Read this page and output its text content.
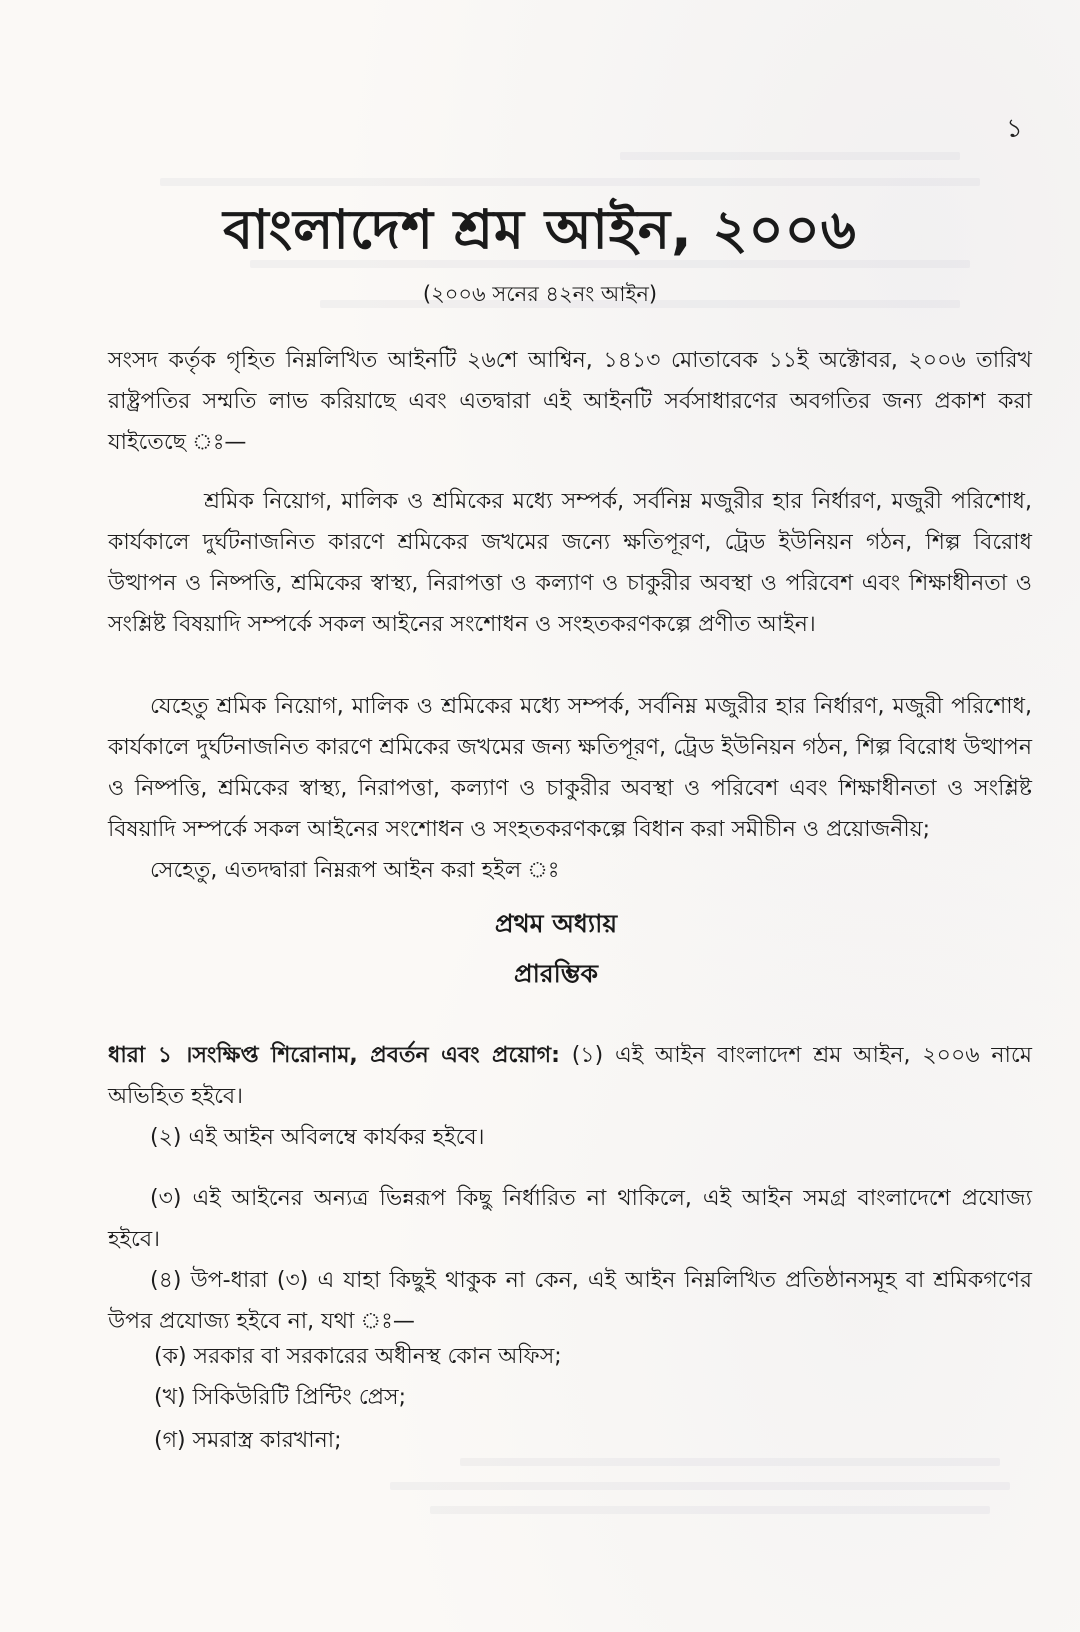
১
বাংলাদেশ শ্রম আইন, ২০০৬
(২০০৬ সনের ৪২নং আইন)

সংসদ কর্তৃক গৃহিত নিম্নলিখিত আইনটি ২৬শে আশ্বিন, ১৪১৩ মোতাবেক ১১ই অক্টোবর, ২০০৬ তারিখ রাষ্ট্রপতির সম্মতি লাভ করিয়াছে এবং এতদ্বারা এই আইনটি সর্বসাধারণের অবগতির জন্য প্রকাশ করা যাইতেছে ঃ—

শ্রমিক নিয়োগ, মালিক ও শ্রমিকের মধ্যে সম্পর্ক, সর্বনিম্ন মজুরীর হার নির্ধারণ, মজুরী পরিশোধ, কার্যকালে দুর্ঘটনাজনিত কারণে শ্রমিকের জখমের জন্যে ক্ষতিপূরণ, ট্রেড ইউনিয়ন গঠন, শিল্প বিরোধ উত্থাপন ও নিষ্পত্তি, শ্রমিকের স্বাস্থ্য, নিরাপত্তা ও কল্যাণ ও চাকুরীর অবস্থা ও পরিবেশ এবং শিক্ষাধীনতা ও সংশ্লিষ্ট বিষয়াদি সম্পর্কে সকল আইনের সংশোধন ও সংহতকরণকল্পে প্রণীত আইন।

যেহেতু শ্রমিক নিয়োগ, মালিক ও শ্রমিকের মধ্যে সম্পর্ক, সর্বনিম্ন মজুরীর হার নির্ধারণ, মজুরী পরিশোধ, কার্যকালে দুর্ঘটনাজনিত কারণে শ্রমিকের জখমের জন্য ক্ষতিপূরণ, ট্রেড ইউনিয়ন গঠন, শিল্প বিরোধ উত্থাপন ও নিষ্পত্তি, শ্রমিকের স্বাস্থ্য, নিরাপত্তা, কল্যাণ ও চাকুরীর অবস্থা ও পরিবেশ এবং শিক্ষাধীনতা ও সংশ্লিষ্ট বিষয়াদি সম্পর্কে সকল আইনের সংশোধন ও সংহতকরণকল্পে বিধান করা সমীচীন ও প্রয়োজনীয়;

সেহেতু, এতদদ্বারা নিম্নরূপ আইন করা হইল ঃ

প্রথম অধ্যায়
প্রারম্ভিক

ধারা ১ ।সংক্ষিপ্ত শিরোনাম, প্রবর্তন এবং প্রয়োগ: (১) এই আইন বাংলাদেশ শ্রম আইন, ২০০৬ নামে অভিহিত হইবে।

(২) এই আইন অবিলম্বে কার্যকর হইবে।

(৩) এই আইনের অন্যত্র ভিন্নরূপ কিছু নির্ধারিত না থাকিলে, এই আইন সমগ্র বাংলাদেশে প্রযোজ্য হইবে।

(৪) উপ-ধারা (৩) এ যাহা কিছুই থাকুক না কেন, এই আইন নিম্নলিখিত প্রতিষ্ঠানসমূহ বা শ্রমিকগণের উপর প্রযোজ্য হইবে না, যথা ঃ—

(ক) সরকার বা সরকারের অধীনস্থ কোন অফিস;
(খ) সিকিউরিটি প্রিন্টিং প্রেস;
(গ) সমরাস্ত্র কারখানা;
